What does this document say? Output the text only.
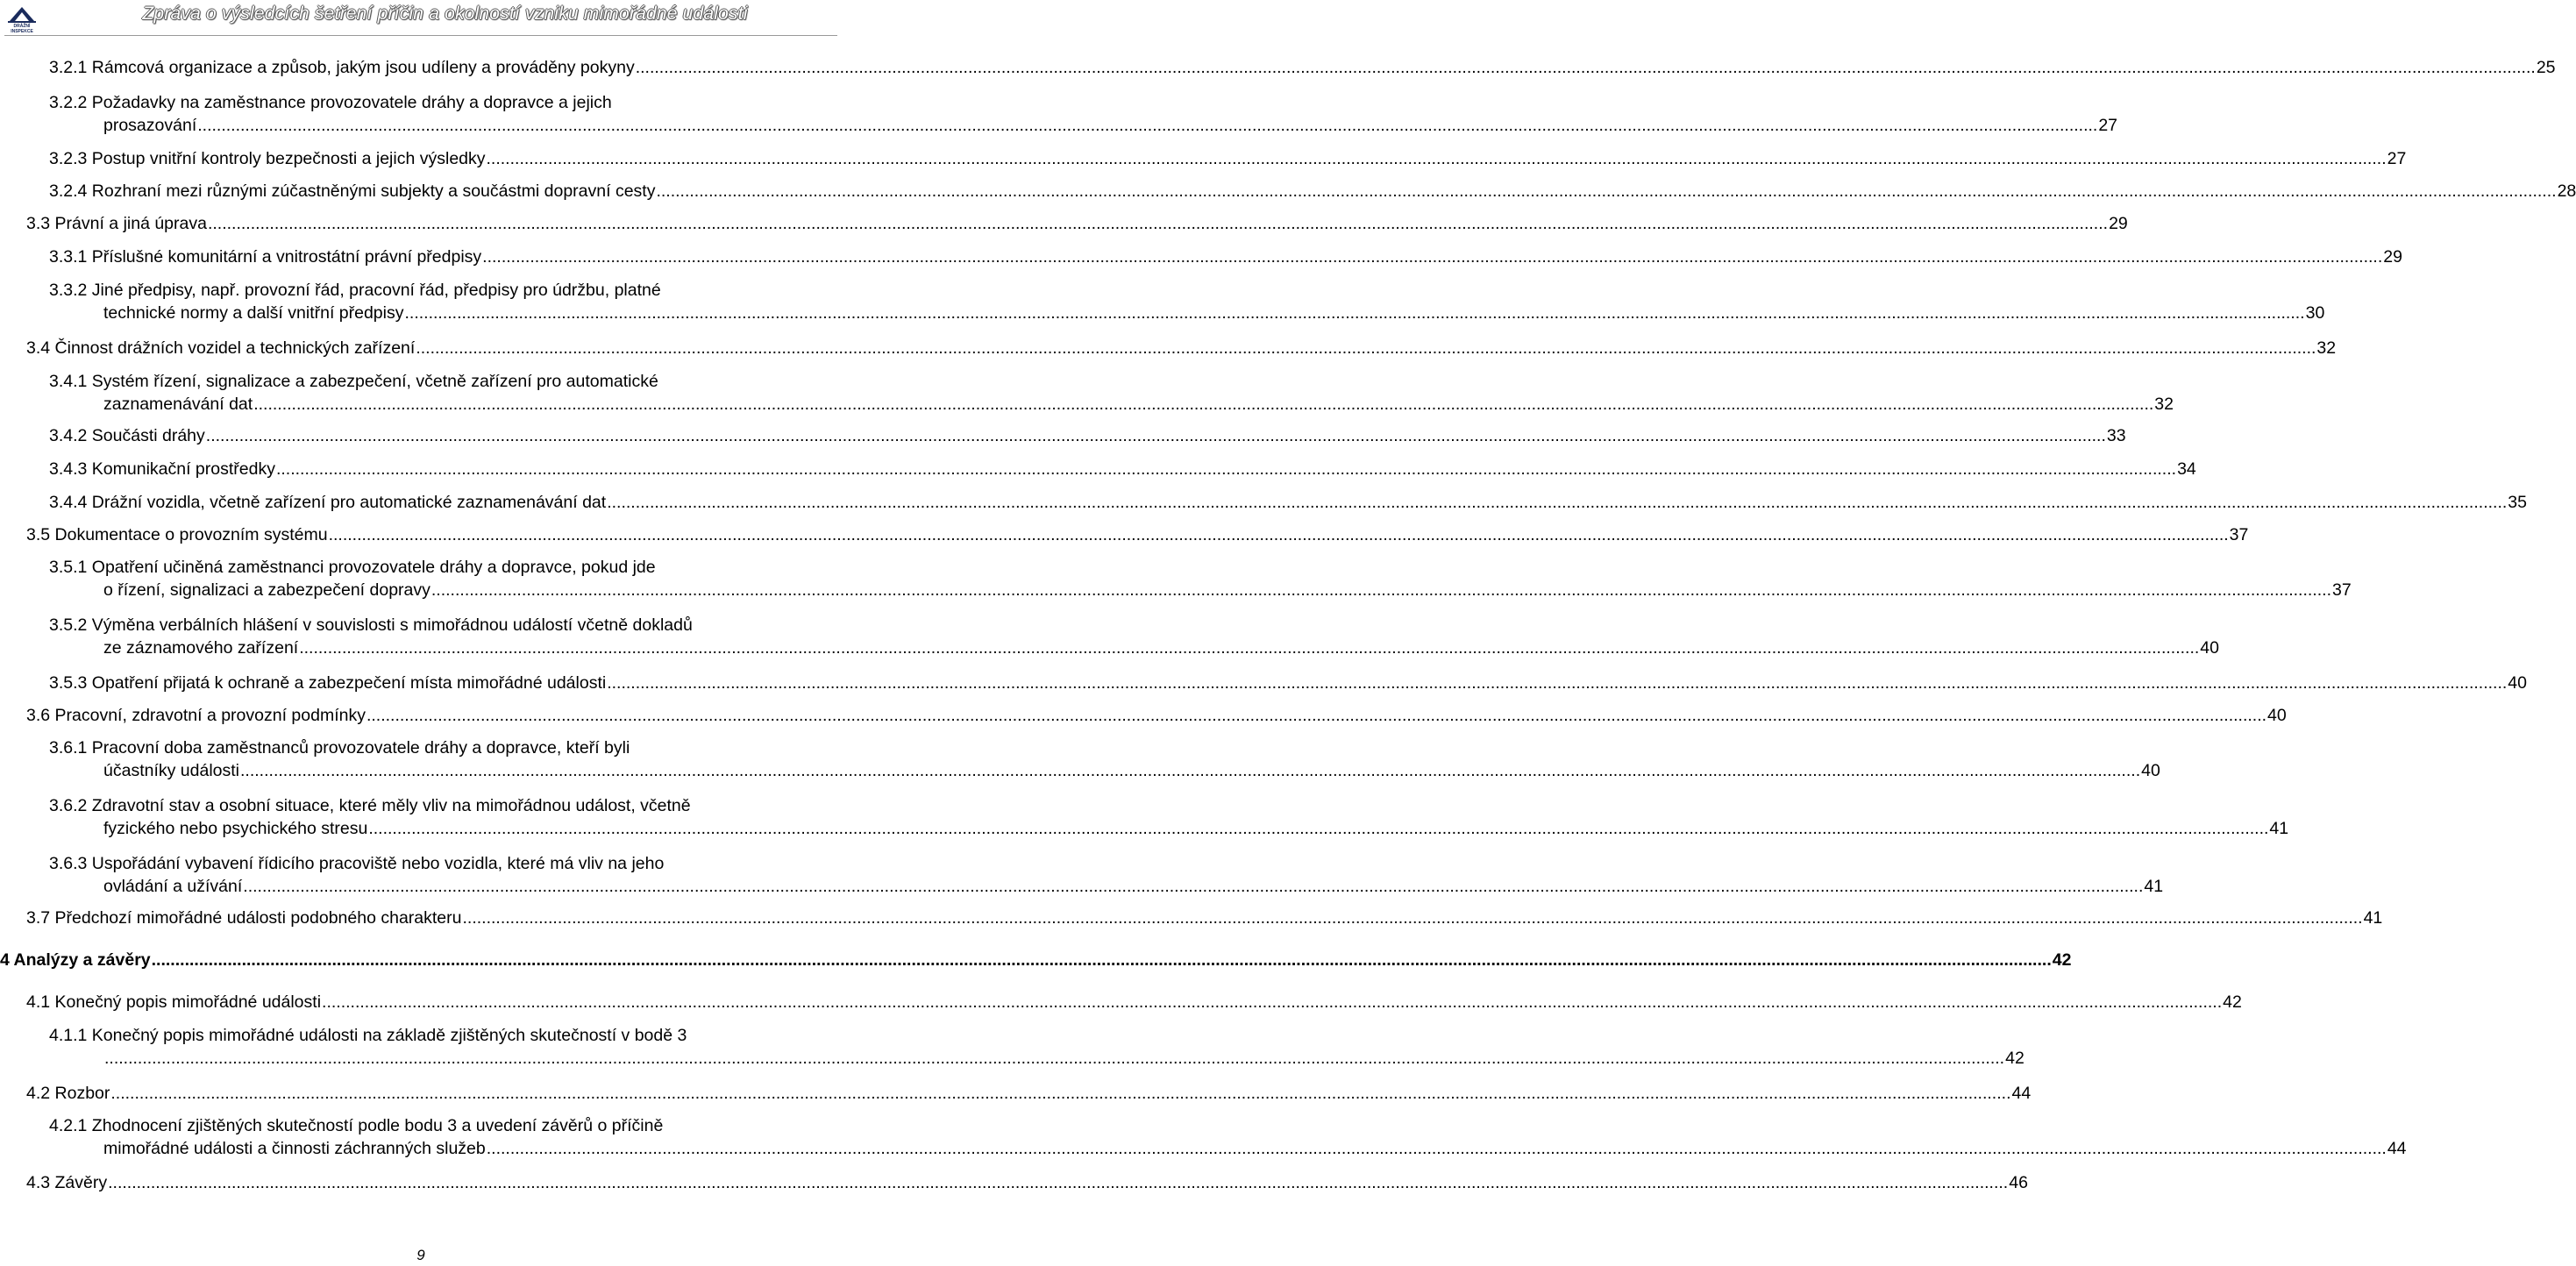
DRÁŽNÍ
INSPEKCE
Zpráva o výsledcích šetření příčin a okolností vzniku mimořádné události
3.2.1 Rámcová organizace a způsob, jakým jsou udíleny a prováděny pokyny ................................................................................................................................................................................................................................................................................................................................................................................................................ 25
3.2.2 Požadavky na zaměstnance provozovatele dráhy a dopravce a jejich
prosazování ................................................................................................................................................................................................................................................................................................................................................................................................................ 27
3.2.3 Postup vnitřní kontroly bezpečnosti a jejich výsledky ................................................................................................................................................................................................................................................................................................................................................................................................................ 27
3.2.4 Rozhraní mezi různými zúčastněnými subjekty a součástmi dopravní cesty ................................................................................................................................................................................................................................................................................................................................................................................................................ 28
3.3 Právní a jiná úprava ................................................................................................................................................................................................................................................................................................................................................................................................................ 29
3.3.1 Příslušné komunitární a vnitrostátní právní předpisy ................................................................................................................................................................................................................................................................................................................................................................................................................ 29
3.3.2 Jiné předpisy, např. provozní řád, pracovní řád, předpisy pro údržbu, platné
technické normy a další vnitřní předpisy ................................................................................................................................................................................................................................................................................................................................................................................................................ 30
3.4 Činnost drážních vozidel a technických zařízení ................................................................................................................................................................................................................................................................................................................................................................................................................ 32
3.4.1 Systém řízení, signalizace a zabezpečení, včetně zařízení pro automatické
zaznamenávání dat ................................................................................................................................................................................................................................................................................................................................................................................................................ 32
3.4.2 Součásti dráhy ................................................................................................................................................................................................................................................................................................................................................................................................................ 33
3.4.3 Komunikační prostředky ................................................................................................................................................................................................................................................................................................................................................................................................................ 34
3.4.4 Drážní vozidla, včetně zařízení pro automatické zaznamenávání dat ................................................................................................................................................................................................................................................................................................................................................................................................................ 35
3.5 Dokumentace o provozním systému ................................................................................................................................................................................................................................................................................................................................................................................................................ 37
3.5.1 Opatření učiněná zaměstnanci provozovatele dráhy a dopravce, pokud jde
o řízení, signalizaci a zabezpečení dopravy ................................................................................................................................................................................................................................................................................................................................................................................................................ 37
3.5.2 Výměna verbálních hlášení v souvislosti s mimořádnou událostí včetně dokladů
ze záznamového zařízení ................................................................................................................................................................................................................................................................................................................................................................................................................ 40
3.5.3 Opatření přijatá k ochraně a zabezpečení místa mimořádné události ................................................................................................................................................................................................................................................................................................................................................................................................................ 40
3.6 Pracovní, zdravotní a provozní podmínky ................................................................................................................................................................................................................................................................................................................................................................................................................ 40
3.6.1 Pracovní doba zaměstnanců provozovatele dráhy a dopravce, kteří byli
účastníky události ................................................................................................................................................................................................................................................................................................................................................................................................................ 40
3.6.2 Zdravotní stav a osobní situace, které měly vliv na mimořádnou událost, včetně
fyzického nebo psychického stresu ................................................................................................................................................................................................................................................................................................................................................................................................................ 41
3.6.3 Uspořádání vybavení řídicího pracoviště nebo vozidla, které má vliv na jeho
ovládání a užívání ................................................................................................................................................................................................................................................................................................................................................................................................................ 41
3.7 Předchozí mimořádné události podobného charakteru ................................................................................................................................................................................................................................................................................................................................................................................................................ 41
4 Analýzy a závěry ................................................................................................................................................................................................................................................................................................................................................................................................................ 42
4.1 Konečný popis mimořádné události ................................................................................................................................................................................................................................................................................................................................................................................................................ 42
4.1.1 Konečný popis mimořádné události na základě zjištěných skutečností v bodě 3
................................................................................................................................................................................................................................................................................................................................................................................................................ 42
4.2 Rozbor ................................................................................................................................................................................................................................................................................................................................................................................................................ 44
4.2.1 Zhodnocení zjištěných skutečností podle bodu 3 a uvedení závěrů o příčině
mimořádné události a činnosti záchranných služeb ................................................................................................................................................................................................................................................................................................................................................................................................................ 44
4.3 Závěry ................................................................................................................................................................................................................................................................................................................................................................................................................ 46
9
